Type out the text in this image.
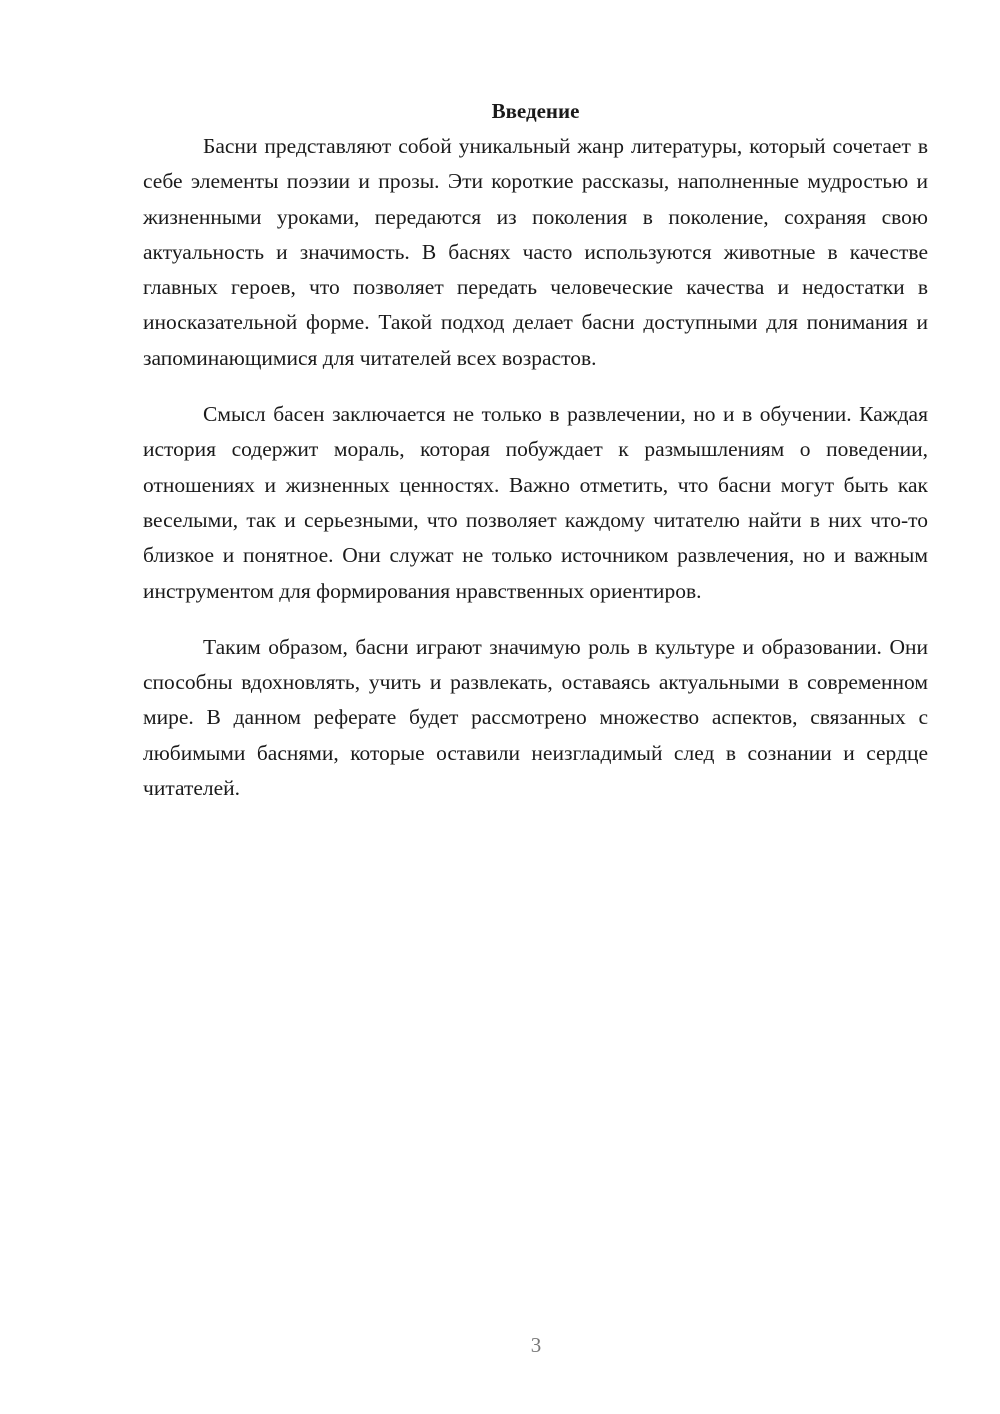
Введение

Басни представляют собой уникальный жанр литературы, который сочетает в себе элементы поэзии и прозы. Эти короткие рассказы, наполненные мудростью и жизненными уроками, передаются из поколения в поколение, сохраняя свою актуальность и значимость. В баснях часто используются животные в качестве главных героев, что позволяет передать человеческие качества и недостатки в иносказательной форме. Такой подход делает басни доступными для понимания и запоминающимися для читателей всех возрастов.

Смысл басен заключается не только в развлечении, но и в обучении. Каждая история содержит мораль, которая побуждает к размышлениям о поведении, отношениях и жизненных ценностях. Важно отметить, что басни могут быть как веселыми, так и серьезными, что позволяет каждому читателю найти в них что-то близкое и понятное. Они служат не только источником развлечения, но и важным инструментом для формирования нравственных ориентиров.

Таким образом, басни играют значимую роль в культуре и образовании. Они способны вдохновлять, учить и развлекать, оставаясь актуальными в современном мире. В данном реферате будет рассмотрено множество аспектов, связанных с любимыми баснями, которые оставили неизгладимый след в сознании и сердце читателей.

3
